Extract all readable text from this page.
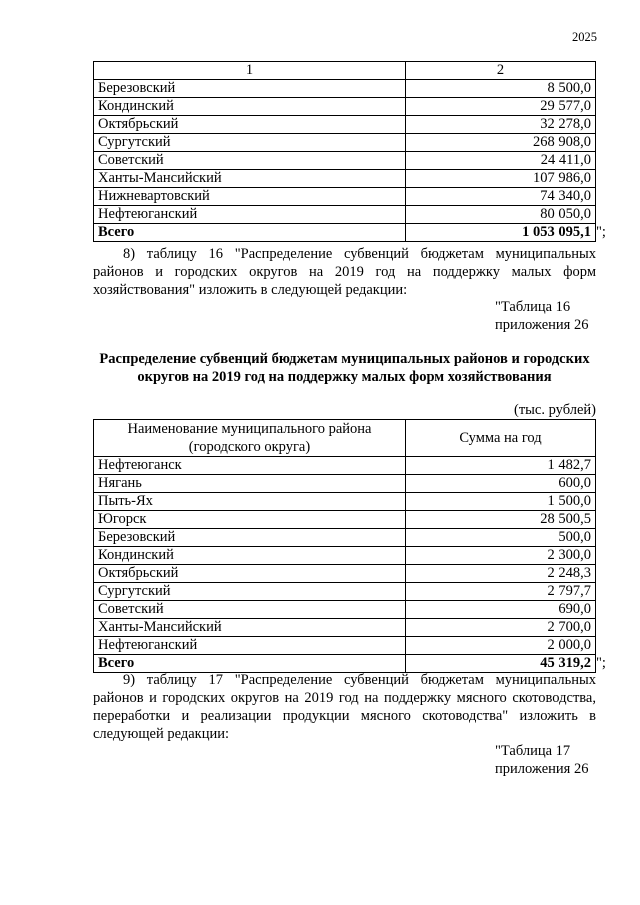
2025
1	2
Березовский	8 500,0
Кондинский	29 577,0
Октябрьский	32 278,0
Сургутский	268 908,0
Советский	24 411,0
Ханты-Мансийский	107 986,0
Нижневартовский	74 340,0
Нефтеюганский	80 050,0
Всего	1 053 095,1 ";
8) таблицу 16 "Распределение субвенций бюджетам муниципальных районов и городских округов на 2019 год на поддержку малых форм хозяйствования" изложить в следующей редакции:
"Таблица 16
приложения 26
Распределение субвенций бюджетам муниципальных районов и городских округов на 2019 год на поддержку малых форм хозяйствования
(тыс. рублей)
Наименование муниципального района (городского округа)	Сумма на год
Нефтеюганск	1 482,7
Нягань	600,0
Пыть-Ях	1 500,0
Югорск	28 500,5
Березовский	500,0
Кондинский	2 300,0
Октябрьский	2 248,3
Сургутский	2 797,7
Советский	690,0
Ханты-Мансийский	2 700,0
Нефтеюганский	2 000,0
Всего	45 319,2 ";
9) таблицу 17 "Распределение субвенций бюджетам муниципальных районов и городских округов на 2019 год на поддержку мясного скотоводства, переработки и реализации продукции мясного скотоводства" изложить в следующей редакции:
"Таблица 17
приложения 26
